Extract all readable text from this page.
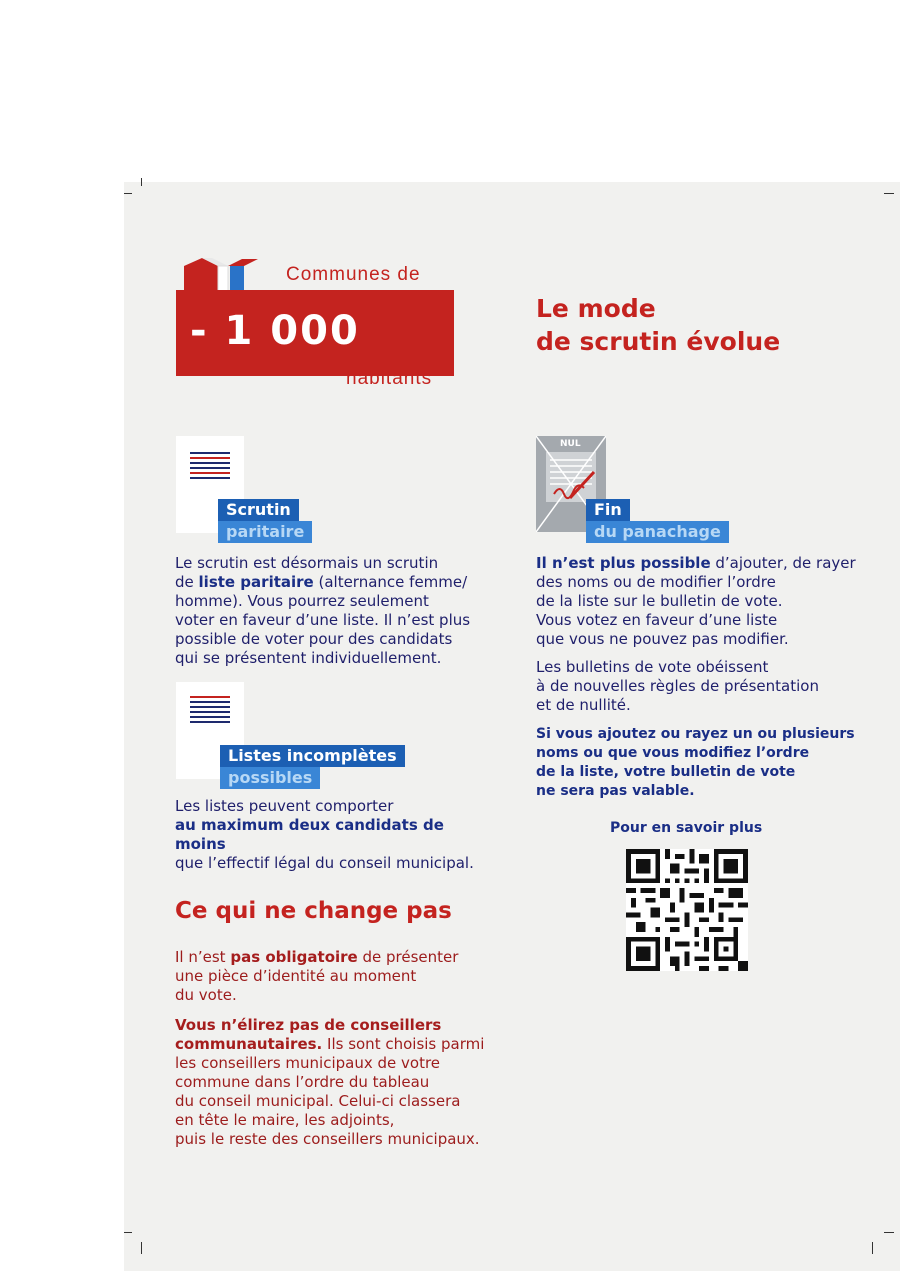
Communes de
- 1 000
habitants
Le mode
de scrutin évolue
Scrutin
paritaire
Le scrutin est désormais un scrutin
de liste paritaire (alternance femme/
homme). Vous pourrez seulement
voter en faveur d’une liste. Il n’est plus
possible de voter pour des candidats
qui se présentent individuellement.
Listes incomplètes
possibles
Les listes peuvent comporter
au maximum deux candidats de moins
que l’effectif légal du conseil municipal.
Ce qui ne change pas
Il n’est pas obligatoire de présenter
une pièce d’identité au moment
du vote.
Vous n’élirez pas de conseillers
communautaires. Ils sont choisis parmi
les conseillers municipaux de votre
commune dans l’ordre du tableau
du conseil municipal. Celui-ci classera
en tête le maire, les adjoints,
puis le reste des conseillers municipaux.
NUL
Fin
du panachage
Il n’est plus possible d’ajouter, de rayer
des noms ou de modifier l’ordre
de la liste sur le bulletin de vote.
Vous votez en faveur d’une liste
que vous ne pouvez pas modifier.
Les bulletins de vote obéissent
à de nouvelles règles de présentation
et de nullité.
Si vous ajoutez ou rayez un ou plusieurs
noms ou que vous modifiez l’ordre
de la liste, votre bulletin de vote
ne sera pas valable.
Pour en savoir plus
